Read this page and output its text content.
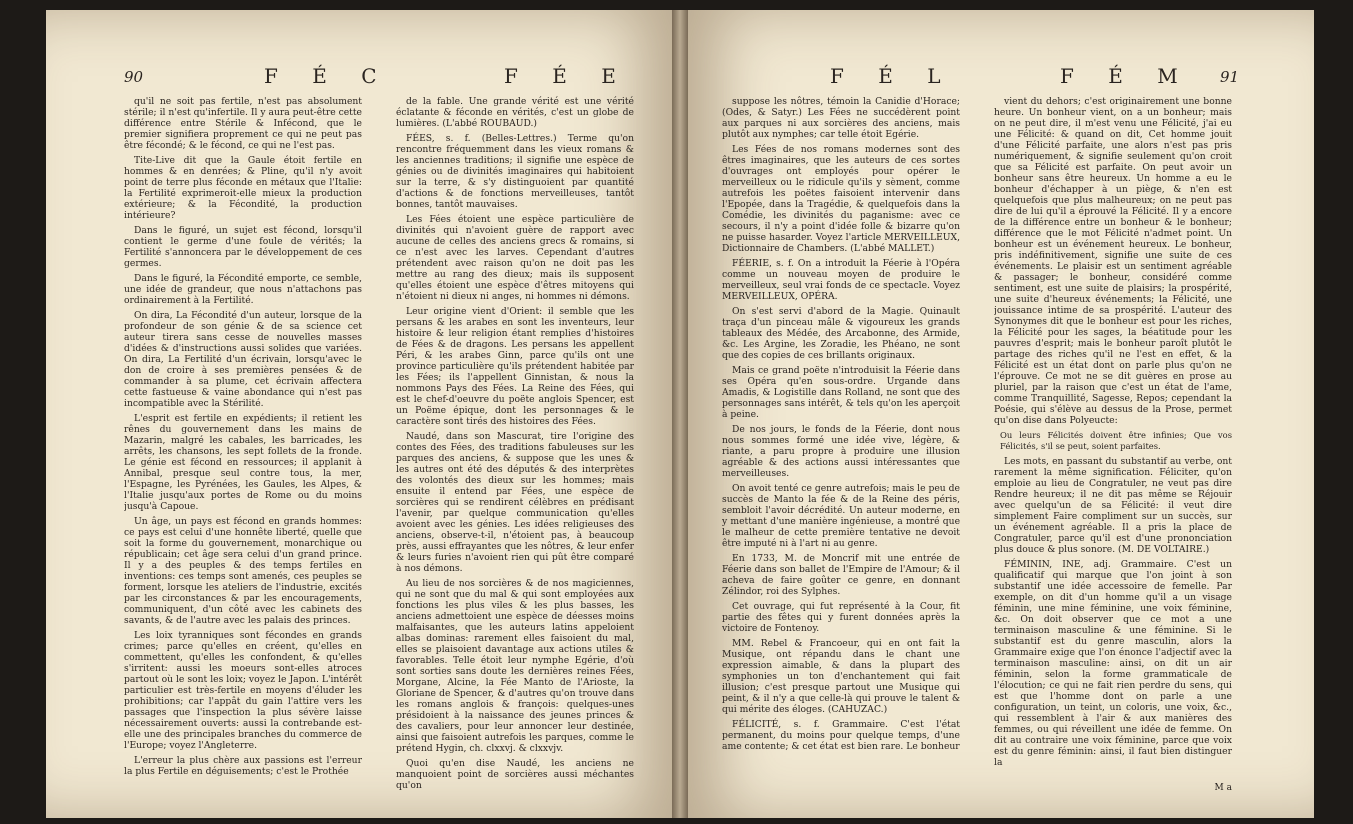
90	F É C	F É E

qu'il ne soit pas fertile, n'est pas absolument stérile; il n'est qu'infertile. Il y aura peut-être cette différence entre Stérile & Infécond, que le premier signifiera proprement ce qui ne peut pas être fécondé; & le fécond, ce qui ne l'est pas.

Tite-Live dit que la Gaule étoit fertile en hommes & en denrées; & Pline, qu'il n'y avoit point de terre plus féconde en métaux que l'Italie: la Fertilité exprimeroit-elle mieux la production extérieure; & la Fécondité, la production intérieure?

Dans le figuré, un sujet est fécond, lorsqu'il contient le germe d'une foule de vérités; la Fertilité s'annoncera par le développement de ces germes.

Dans le figuré, la Fécondité emporte, ce semble, une idée de grandeur, que nous n'attachons pas ordinairement à la Fertilité.

On dira, La Fécondité d'un auteur, lorsque de la profondeur de son génie & de sa science cet auteur tirera sans cesse de nouvelles masses d'idées & d'instructions aussi solides que variées. On dira, La Fertilité d'un écrivain, lorsqu'avec le don de croire à ses premières pensées & de commander à sa plume, cet écrivain affectera cette fastueuse & vaine abondance qui n'est pas incompatible avec la Stérilité.

L'esprit est fertile en expédients; il retient les rênes du gouvernement dans les mains de Mazarin, malgré les cabales, les barricades, les arrêts, les chansons, les sept follets de la fronde. Le génie est fécond en ressources; il applanit à Annibal, presque seul contre tous, la mer, l'Espagne, les Pyrénées, les Gaules, les Alpes, & l'Italie jusqu'aux portes de Rome ou du moins jusqu'à Capoue.

Un âge, un pays est fécond en grands hommes: ce pays est celui d'une honnête liberté, quelle que soit la forme du gouvernement, monarchique ou républicain; cet âge sera celui d'un grand prince. Il y a des peuples & des temps fertiles en inventions: ces temps sont amenés, ces peuples se forment, lorsque les ateliers de l'industrie, excités par les circonstances & par les encouragements, communiquent, d'un côté avec les cabinets des savants, & de l'autre avec les palais des princes.

Les loix tyranniques sont fécondes en grands crimes; parce qu'elles en créent, qu'elles en commettent, qu'elles les confondent, & qu'elles s'irritent: aussi les moeurs sont-elles atroces partout où le sont les loix; voyez le Japon. L'intérêt particulier est très-fertile en moyens d'éluder les prohibitions; car l'appât du gain l'attire vers les passages que l'inspection la plus sévère laisse nécessairement ouverts: aussi la contrebande est-elle une des principales branches du commerce de l'Europe; voyez l'Angleterre.

L'erreur la plus chère aux passions est l'erreur la plus Fertile en déguisements; c'est le Prothée

de la fable. Une grande vérité est une vérité éclatante & féconde en vérités, c'est un globe de lumières. (L'abbé ROUBAUD.)

FÉES, s. f. (Belles-Lettres.) Terme qu'on rencontre fréquemment dans les vieux romans & les anciennes traditions; il signifie une espèce de génies ou de divinités imaginaires qui habitoient sur la terre, & s'y distinguoient par quantité d'actions & de fonctions merveilleuses, tantôt bonnes, tantôt mauvaises.

Les Fées étoient une espèce particulière de divinités qui n'avoient guère de rapport avec aucune de celles des anciens grecs & romains, si ce n'est avec les larves. Cependant d'autres prétendent avec raison qu'on ne doit pas les mettre au rang des dieux; mais ils supposent qu'elles étoient une espèce d'êtres mitoyens qui n'étoient ni dieux ni anges, ni hommes ni démons.

Leur origine vient d'Orient: il semble que les persans & les arabes en sont les inventeurs, leur histoire & leur religion étant remplies d'histoires de Fées & de dragons. Les persans les appellent Péri, & les arabes Ginn, parce qu'ils ont une province particulière qu'ils prétendent habitée par les Fées; ils l'appellent Ginnistan, & nous la nommons Pays des Fées. La Reine des Fées, qui est le chef-d'oeuvre du poëte anglois Spencer, est un Poëme épique, dont les personnages & le caractère sont tirés des histoires des Fées.

Naudé, dans son Mascurat, tire l'origine des contes des Fées, des traditions fabuleuses sur les parques des anciens, & suppose que les unes & les autres ont été des députés & des interprètes des volontés des dieux sur les hommes; mais ensuite il entend par Fées, une espèce de sorcières qui se rendirent célèbres en prédisant l'avenir, par quelque communication qu'elles avoient avec les génies. Les idées religieuses des anciens, observe-t-il, n'étoient pas, à beaucoup près, aussi effrayantes que les nôtres, & leur enfer & leurs furies n'avoient rien qui pût être comparé à nos démons.

Au lieu de nos sorcières & de nos magiciennes, qui ne sont que du mal & qui sont employées aux fonctions les plus viles & les plus basses, les anciens admettoient une espèce de déesses moins malfaisantes, que les auteurs latins appeloient albas dominas: rarement elles faisoient du mal, elles se plaisoient davantage aux actions utiles & favorables. Telle étoit leur nymphe Egérie, d'où sont sorties sans doute les dernières reines Fées, Morgane, Alcine, la Fée Manto de l'Arioste, la Gloriane de Spencer, & d'autres qu'on trouve dans les romans anglois & françois: quelques-unes présidoient à la naissance des jeunes princes & des cavaliers, pour leur annoncer leur destinée, ainsi que faisoient autrefois les parques, comme le prétend Hygin, ch. clxxvj. & clxxvjv.

Quoi qu'en dise Naudé, les anciens ne manquoient point de sorcières aussi méchantes qu'on

F É L	F É M 91

suppose les nôtres, témoin la Canidie d'Horace; (Odes, & Satyr.) Les Fées ne succédèrent point aux parques ni aux sorcières des anciens, mais plutôt aux nymphes; car telle étoit Egérie.

Les Fées de nos romans modernes sont des êtres imaginaires, que les auteurs de ces sortes d'ouvrages ont employés pour opérer le merveilleux ou le ridicule qu'ils y sèment, comme autrefois les poëtes faisoient intervenir dans l'Epopée, dans la Tragédie, & quelquefois dans la Comédie, les divinités du paganisme: avec ce secours, il n'y a point d'idée folle & bizarre qu'on ne puisse hasarder. Voyez l'article MERVEILLEUX, Dictionnaire de Chambers. (L'abbé MALLET.)

FÉERIE, s. f. On a introduit la Féerie à l'Opéra comme un nouveau moyen de produire le merveilleux, seul vrai fonds de ce spectacle. Voyez MERVEILLEUX, OPÉRA.

On s'est servi d'abord de la Magie. Quinault traça d'un pinceau mâle & vigoureux les grands tableaux des Médée, des Arcabonne, des Armide, &c. Les Argine, les Zoradie, les Phéano, ne sont que des copies de ces brillants originaux.

Mais ce grand poëte n'introduisit la Féerie dans ses Opéra qu'en sous-ordre. Urgande dans Amadis, & Logistille dans Rolland, ne sont que des personnages sans intérêt, & tels qu'on les aperçoit à peine.

De nos jours, le fonds de la Féerie, dont nous nous sommes formé une idée vive, légère, & riante, a paru propre à produire une illusion agréable & des actions aussi intéressantes que merveilleuses.

On avoit tenté ce genre autrefois; mais le peu de succès de Manto la fée & de la Reine des péris, sembloit l'avoir décrédité. Un auteur moderne, en y mettant d'une manière ingénieuse, a montré que le malheur de cette première tentative ne devoit être imputé ni à l'art ni au genre.

En 1733, M. de Moncrif mit une entrée de Féerie dans son ballet de l'Empire de l'Amour; & il acheva de faire goûter ce genre, en donnant Zélindor, roi des Sylphes.

Cet ouvrage, qui fut représenté à la Cour, fit partie des fêtes qui y furent données après la victoire de Fontenoy.

MM. Rebel & Francoeur, qui en ont fait la Musique, ont répandu dans le chant une expression aimable, & dans la plupart des symphonies un ton d'enchantement qui fait illusion; c'est presque partout une Musique qui peint, & il n'y a que celle-là qui prouve le talent & qui mérite des éloges. (CAHUZAC.)

FÉLICITÉ, s. f. Grammaire. C'est l'état permanent, du moins pour quelque temps, d'une ame contente; & cet état est bien rare. Le bonheur

vient du dehors; c'est originairement une bonne heure. Un bonheur vient, on a un bonheur; mais on ne peut dire, il m'est venu une Félicité, j'ai eu une Félicité: & quand on dit, Cet homme jouit d'une Félicité parfaite, une alors n'est pas pris numériquement, & signifie seulement qu'on croit que sa Félicité est parfaite. On peut avoir un bonheur sans être heureux. Un homme a eu le bonheur d'échapper à un piège, & n'en est quelquefois que plus malheureux; on ne peut pas dire de lui qu'il a éprouvé la Félicité. Il y a encore de la différence entre un bonheur & le bonheur; différence que le mot Félicité n'admet point. Un bonheur est un événement heureux. Le bonheur, pris indéfinitivement, signifie une suite de ces événements. Le plaisir est un sentiment agréable & passager; le bonheur, considéré comme sentiment, est une suite de plaisirs; la prospérité, une suite d'heureux événements; la Félicité, une jouissance intime de sa prospérité. L'auteur des Synonymes dit que le bonheur est pour les riches, la Félicité pour les sages, la béatitude pour les pauvres d'esprit; mais le bonheur paroît plutôt le partage des riches qu'il ne l'est en effet, & la Félicité est un état dont on parle plus qu'on ne l'éprouve. Ce mot ne se dit guères en prose au pluriel, par la raison que c'est un état de l'ame, comme Tranquillité, Sagesse, Repos; cependant la Poésie, qui s'élève au dessus de la Prose, permet qu'on dise dans Polyeucte:

Ou leurs Félicités doivent être infinies; Que vos Félicités, s'il se peut, soient parfaites.

Les mots, en passant du substantif au verbe, ont rarement la même signification. Féliciter, qu'on emploie au lieu de Congratuler, ne veut pas dire Rendre heureux; il ne dit pas même se Réjouir avec quelqu'un de sa Félicité: il veut dire simplement Faire compliment sur un succès, sur un événement agréable. Il a pris la place de Congratuler, parce qu'il est d'une prononciation plus douce & plus sonore. (M. DE VOLTAIRE.)

FÉMININ, INE, adj. Grammaire. C'est un qualificatif qui marque que l'on joint à son substantif une idée accessoire de femelle. Par exemple, on dit d'un homme qu'il a un visage féminin, une mine féminine, une voix féminine, &c. On doit observer que ce mot a une terminaison masculine & une féminine. Si le substantif est du genre masculin, alors la Grammaire exige que l'on énonce l'adjectif avec la terminaison masculine: ainsi, on dit un air féminin, selon la forme grammaticale de l'élocution; ce qui ne fait rien perdre du sens, qui est que l'homme dont on parle a une configuration, un teint, un coloris, une voix, &c., qui ressemblent à l'air & aux manières des femmes, ou qui réveillent une idée de femme. On dit au contraire une voix féminine, parce que voix est du genre féminin: ainsi, il faut bien distinguer la

M a
